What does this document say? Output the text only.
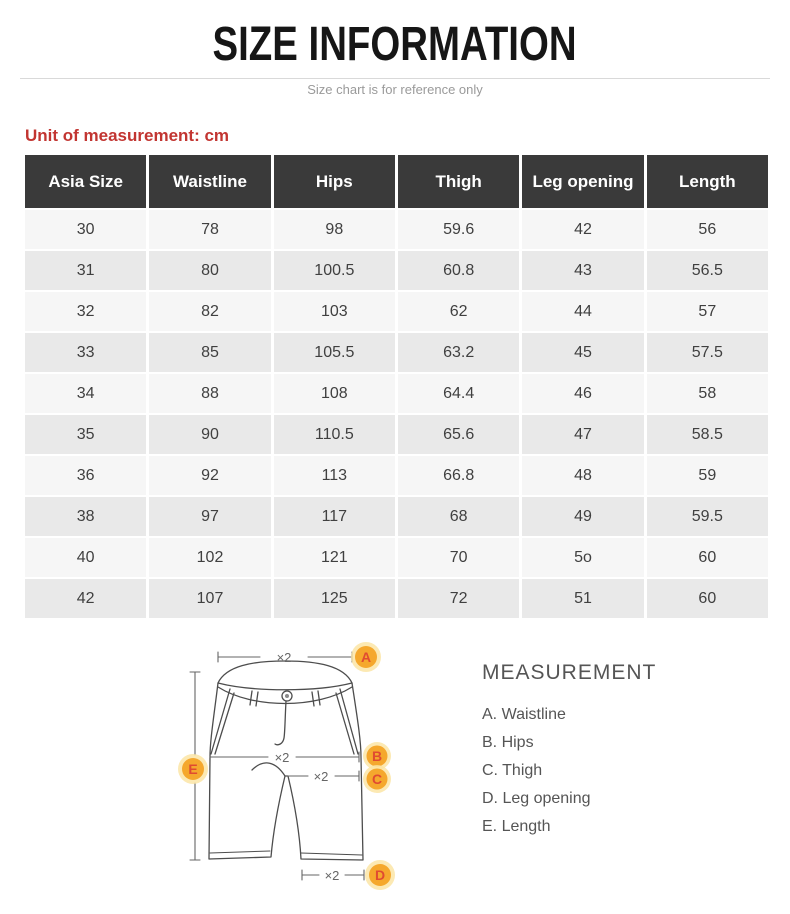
SIZE INFORMATION
Size chart is for reference only
Unit of measurement: cm
Asia Size	Waistline	Hips	Thigh	Leg opening	Length
30	78	98	59.6	42	56
31	80	100.5	60.8	43	56.5
32	82	103	62	44	57
33	85	105.5	63.2	45	57.5
34	88	108	64.4	46	58
35	90	110.5	65.6	47	58.5
36	92	113	66.8	48	59
38	97	117	68	49	59.5
40	102	121	70	5o	60
42	107	125	72	51	60
×2
×2
×2
×2
A
B
C
D
E
MEASUREMENT
A. Waistline
B. Hips
C. Thigh
D. Leg opening
E. Length
